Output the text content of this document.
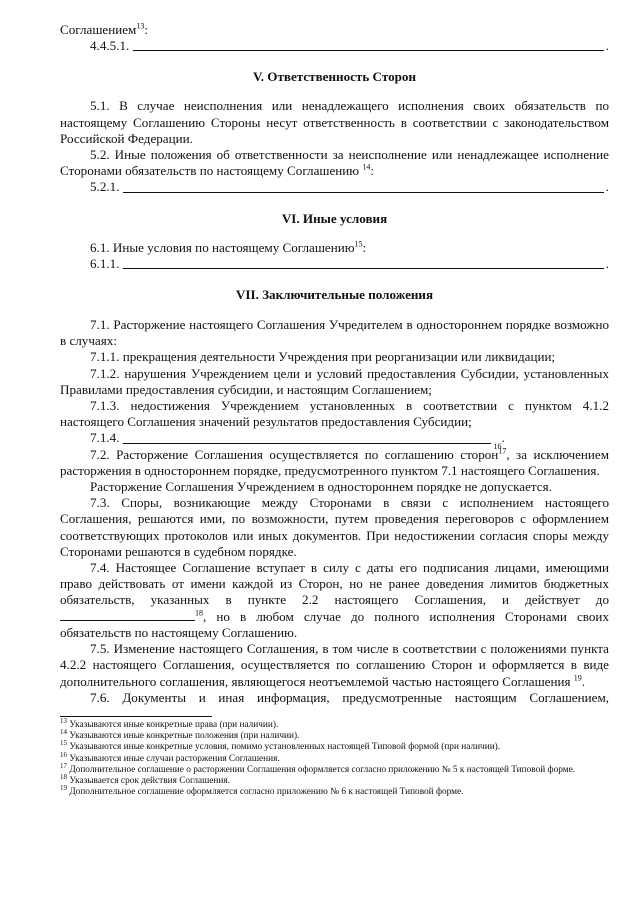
Соглашением$^{13}$:

4.4.5.1.	.
V. Ответственность Сторон

5.1. В случае неисполнения или ненадлежащего исполнения своих обязательств по настоящему Соглашению Стороны несут ответственность в соответствии с законодательством Российской Федерации.

5.2. Иные положения об ответственности за неисполнение или ненадлежащее исполнение Сторонами обязательств по настоящему Соглашению $^{14}$:

5.2.1.	.
VI. Иные условия

6.1. Иные условия по настоящему Соглашению$^{15}$:

6.1.1.	.
VII. Заключительные положения

7.1. Расторжение настоящего Соглашения Учредителем в одностороннем порядке возможно в случаях:

7.1.1. прекращения деятельности Учреждения при реорганизации или ликвидации;

7.1.2. нарушения Учреждением цели и условий предоставления Субсидии, установленных Правилами предоставления субсидии, и настоящим Соглашением;

7.1.3. недостижения Учреждением установленных в соответствии с пунктом 4.1.2 настоящего Соглашения значений результатов предоставления Субсидии;

7.1.4.
16
.

7.2. Расторжение Соглашения осуществляется по соглашению сторон$^{17}$, за исключением расторжения в одностороннем порядке, предусмотренного пунктом 7.1 настоящего Соглашения.

Расторжение Соглашения Учреждением в одностороннем порядке не допускается.

7.3. Споры, возникающие между Сторонами в связи с исполнением настоящего Соглашения, решаются ими, по возможности, путем проведения переговоров с оформлением соответствующих протоколов или иных документов. При недостижении согласия споры между Сторонами решаются в судебном порядке.

7.4. Настоящее Соглашение вступает в силу с даты его подписания лицами, имеющими право действовать от имени каждой из Сторон, но не ранее доведения лимитов бюджетных обязательств, указанных в пункте 2.2 настоящего Соглашения, и действует до $^{18}$, но в любом случае до полного исполнения Сторонами своих обязательств по настоящему Соглашению.

7.5. Изменение настоящего Соглашения, в том числе в соответствии с положениями пункта 4.2.2 настоящего Соглашения, осуществляется по соглашению Сторон и оформляется в виде дополнительного соглашения, являющегося неотъемлемой частью настоящего Соглашения $^{19}$.

7.6. Документы и иная информация, предусмотренные настоящим Соглашением,

$^{13}$ Указываются иные конкретные права (при наличии).

$^{14}$ Указываются иные конкретные положения (при наличии).

$^{15}$ Указываются иные конкретные условия, помимо установленных настоящей Типовой формой (при наличии).

$^{16}$ Указываются иные случаи расторжения Соглашения.

$^{17}$ Дополнительное соглашение о расторжении Соглашения оформляется согласно приложению № 5 к настоящей Типовой форме.

$^{18}$ Указывается срок действия Соглашения.

$^{19}$ Дополнительное соглашение оформляется согласно приложению № 6 к настоящей Типовой форме.
